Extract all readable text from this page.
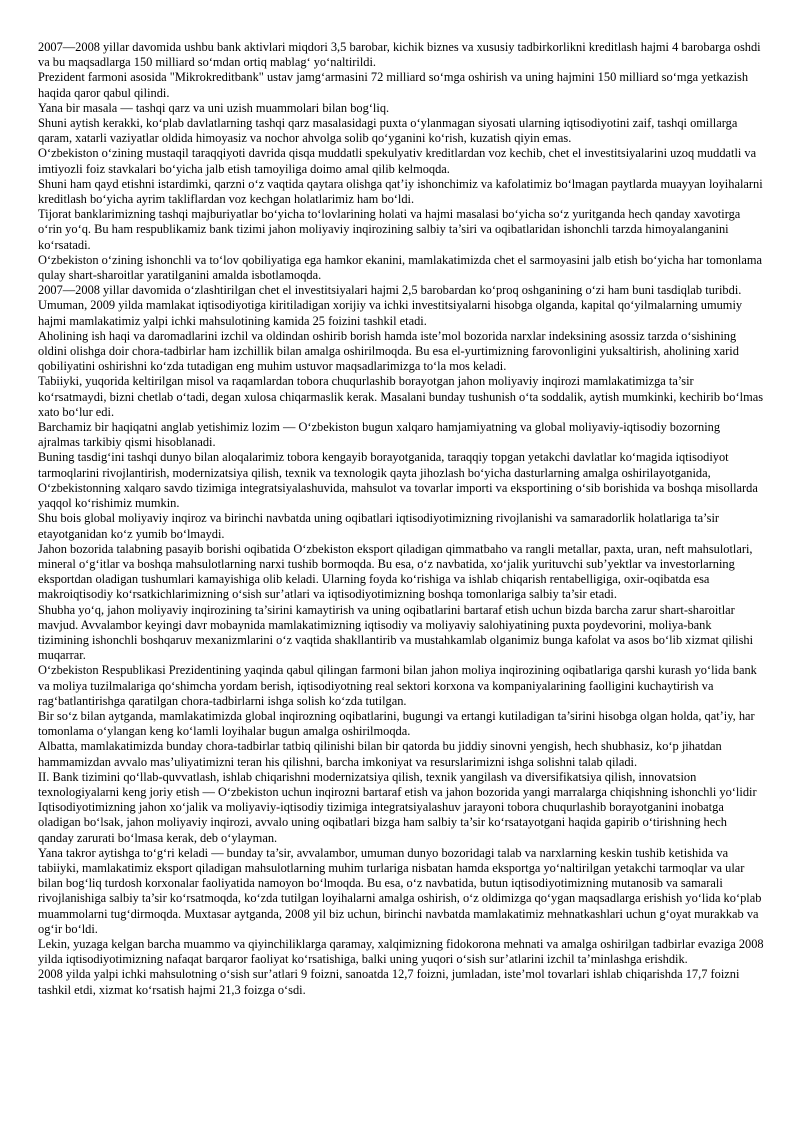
2007—2008 yillar davomida ushbu bank aktivlari miqdori 3,5 barobar, kichik biznes va xususiy tadbirkorlikni kreditlash hajmi 4 barobarga oshdi va bu maqsadlarga 150 milliard so‘mdan ortiq mablag‘ yo‘naltirildi.

Prezident farmoni asosida "Mikrokreditbank" ustav jamg‘armasini 72 milliard so‘mga oshirish va uning hajmini 150 milliard so‘mga yetkazish haqida qaror qabul qilindi.

Yana bir masala — tashqi qarz va uni uzish muammolari bilan bog‘liq.

Shuni aytish kerakki, ko‘plab davlatlarning tashqi qarz masalasidagi puxta o‘ylanmagan siyosati ularning iqtisodiyotini zaif, tashqi omillarga qaram, xatarli vaziyatlar oldida himoyasiz va nochor ahvolga solib qo‘yganini ko‘rish, kuzatish qiyin emas.

O‘zbekiston o‘zining mustaqil taraqqiyoti davrida qisqa muddatli spekulyativ kreditlardan voz kechib, chet el investitsiyalarini uzoq muddatli va imtiyozli foiz stavkalari bo‘yicha jalb etish tamoyiliga doimo amal qilib kelmoqda.

Shuni ham qayd etishni istardimki, qarzni o‘z vaqtida qaytara olishga qat’iy ishonchimiz va kafolatimiz bo‘lmagan paytlarda muayyan loyihalarni kreditlash bo‘yicha ayrim takliflardan voz kechgan holatlarimiz ham bo‘ldi.

Tijorat banklarimizning tashqi majburiyatlar bo‘yicha to‘lovlarining holati va hajmi masalasi bo‘yicha so‘z yuritganda hech qanday xavotirga o‘rin yo‘q. Bu ham respublikamiz bank tizimi jahon moliyaviy inqirozining salbiy ta’siri va oqibatlaridan ishonchli tarzda himoyalanganini ko‘rsatadi.

O‘zbekiston o‘zining ishonchli va to‘lov qobiliyatiga ega hamkor ekanini, mamlakatimizda chet el sarmoyasini jalb etish bo‘yicha har tomonlama qulay shart-sharoitlar yaratilganini amalda isbotlamoqda.

2007—2008 yillar davomida o‘zlashtirilgan chet el investitsiyalari hajmi 2,5 barobardan ko‘proq oshganining o‘zi ham buni tasdiqlab turibdi.

Umuman, 2009 yilda mamlakat iqtisodiyotiga kiritiladigan xorijiy va ichki investitsiyalarni hisobga olganda, kapital qo‘yilmalarning umumiy hajmi mamlakatimiz yalpi ichki mahsulotining kamida 25 foizini tashkil etadi.

Aholining ish haqi va daromadlarini izchil va oldindan oshirib borish hamda iste’mol bozorida narxlar indeksining asossiz tarzda o‘sishining oldini olishga doir chora-tadbirlar ham izchillik bilan amalga oshirilmoqda. Bu esa el-yurtimizning farovonligini yuksaltirish, aholining xarid qobiliyatini oshirishni ko‘zda tutadigan eng muhim ustuvor maqsadlarimizga to‘la mos keladi.

Tabiiyki, yuqorida keltirilgan misol va raqamlardan tobora chuqurlashib borayotgan jahon moliyaviy inqirozi mamlakatimizga ta’sir ko‘rsatmaydi, bizni chetlab o‘tadi, degan xulosa chiqarmaslik kerak. Masalani bunday tushunish o‘ta soddalik, aytish mumkinki, kechirib bo‘lmas xato bo‘lur edi.

Barchamiz bir haqiqatni anglab yetishimiz lozim — O‘zbekiston bugun xalqaro hamjamiyatning va global moliyaviy-iqtisodiy bozorning ajralmas tarkibiy qismi hisoblanadi.

Buning tasdig‘ini tashqi dunyo bilan aloqalarimiz tobora kengayib borayotganida, taraqqiy topgan yetakchi davlatlar ko‘magida iqtisodiyot tarmoqlarini rivojlantirish, modernizatsiya qilish, texnik va texnologik qayta jihozlash bo‘yicha dasturlarning amalga oshirilayotganida, O‘zbekistonning xalqaro savdo tizimiga integratsiyalashuvida, mahsulot va tovarlar importi va eksportining o‘sib borishida va boshqa misollarda yaqqol ko‘rishimiz mumkin.

Shu bois global moliyaviy inqiroz va birinchi navbatda uning oqibatlari iqtisodiyotimizning rivojlanishi va samaradorlik holatlariga ta’sir etayotganidan ko‘z yumib bo‘lmaydi.

Jahon bozorida talabning pasayib borishi oqibatida O‘zbekiston eksport qiladigan qimmatbaho va rangli metallar, paxta, uran, neft mahsulotlari, mineral o‘g‘itlar va boshqa mahsulotlarning narxi tushib bormoqda. Bu esa, o‘z navbatida, xo‘jalik yurituvchi sub’yektlar va investorlarning eksportdan oladigan tushumlari kamayishiga olib keladi. Ularning foyda ko‘rishiga va ishlab chiqarish rentabelligiga, oxir-oqibatda esa makroiqtisodiy ko‘rsatkichlarimizning o‘sish sur’atlari va iqtisodiyotimizning boshqa tomonlariga salbiy ta’sir etadi.

Shubha yo‘q, jahon moliyaviy inqirozining ta’sirini kamaytirish va uning oqibatlarini bartaraf etish uchun bizda barcha zarur shart-sharoitlar mavjud. Avvalambor keyingi davr mobaynida mamlakatimizning iqtisodiy va moliyaviy salohiyatining puxta poydevorini, moliya-bank tizimining ishonchli boshqaruv mexanizmlarini o‘z vaqtida shakllantirib va mustahkamlab olganimiz bunga kafolat va asos bo‘lib xizmat qilishi muqarrar.

O‘zbekiston Respublikasi Prezidentining yaqinda qabul qilingan farmoni bilan jahon moliya inqirozining oqibatlariga qarshi kurash yo‘lida bank va moliya tuzilmalariga qo‘shimcha yordam berish, iqtisodiyotning real sektori korxona va kompaniyalarining faolligini kuchaytirish va rag‘batlantirishga qaratilgan chora-tadbirlarni ishga solish ko‘zda tutilgan.

Bir so‘z bilan aytganda, mamlakatimizda global inqirozning oqibatlarini, bugungi va ertangi kutiladigan ta’sirini hisobga olgan holda, qat’iy, har tomonlama o‘ylangan keng ko‘lamli loyihalar bugun amalga oshirilmoqda.

Albatta, mamlakatimizda bunday chora-tadbirlar tatbiq qilinishi bilan bir qatorda bu jiddiy sinovni yengish, hech shubhasiz, ko‘p jihatdan hammamizdan avvalo mas’uliyatimizni teran his qilishni, barcha imkoniyat va resurslarimizni ishga solishni talab qiladi.

II. Bank tizimini qo‘llab-quvvatlash, ishlab chiqarishni modernizatsiya qilish, texnik yangilash va diversifikatsiya qilish, innovatsion texnologiyalarni keng joriy etish — O‘zbekiston uchun inqirozni bartaraf etish va jahon bozorida yangi marralarga chiqishning ishonchli yo‘lidir

Iqtisodiyotimizning jahon xo‘jalik va moliyaviy-iqtisodiy tizimiga integratsiyalashuv jarayoni tobora chuqurlashib borayotganini inobatga oladigan bo‘lsak, jahon moliyaviy inqirozi, avvalo uning oqibatlari bizga ham salbiy ta’sir ko‘rsatayotgani haqida gapirib o‘tirishning hech qanday zarurati bo‘lmasa kerak, deb o‘ylayman.

Yana takror aytishga to‘g‘ri keladi — bunday ta’sir, avvalambor, umuman dunyo bozoridagi talab va narxlarning keskin tushib ketishida va tabiiyki, mamlakatimiz eksport qiladigan mahsulotlarning muhim turlariga nisbatan hamda eksportga yo‘naltirilgan yetakchi tarmoqlar va ular bilan bog‘liq turdosh korxonalar faoliyatida namoyon bo‘lmoqda. Bu esa, o‘z navbatida, butun iqtisodiyotimizning mutanosib va samarali rivojlanishiga salbiy ta’sir ko‘rsatmoqda, ko‘zda tutilgan loyihalarni amalga oshirish, o‘z oldimizga qo‘ygan maqsadlarga erishish yo‘lida ko‘plab muammolarni tug‘dirmoqda. Muxtasar aytganda, 2008 yil biz uchun, birinchi navbatda mamlakatimiz mehnatkashlari uchun g‘oyat murakkab va og‘ir bo‘ldi.

Lekin, yuzaga kelgan barcha muammo va qiyinchiliklarga qaramay, xalqimizning fidokorona mehnati va amalga oshirilgan tadbirlar evaziga 2008 yilda iqtisodiyotimizning nafaqat barqaror faoliyat ko‘rsatishiga, balki uning yuqori o‘sish sur’atlarini izchil ta’minlashga erishdik.

2008 yilda yalpi ichki mahsulotning o‘sish sur’atlari 9 foizni, sanoatda 12,7 foizni, jumladan, iste’mol tovarlari ishlab chiqarishda 17,7 foizni tashkil etdi, xizmat ko‘rsatish hajmi 21,3 foizga o‘sdi.
